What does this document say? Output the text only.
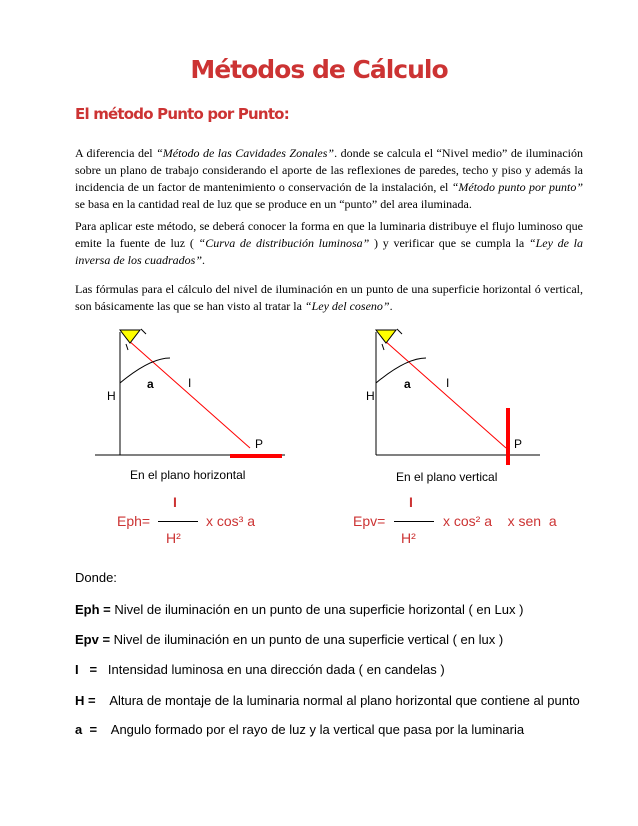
Métodos de Cálculo
El método Punto por Punto:

A diferencia del “Método de las Cavidades Zonales”. donde se calcula el “Nivel medio” de iluminación sobre un plano de trabajo considerando el aporte de las reflexiones de paredes, techo y piso y además la incidencia de un factor de mantenimiento o conservación de la instalación, el “Método punto por punto” se basa en la cantidad real de luz que se produce en un “punto” del area iluminada.

Para aplicar este método, se deberá conocer la forma en que la luminaria distribuye el flujo luminoso que emite la fuente de luz ( “Curva de distribución luminosa” ) y verificar que se cumpla la “Ley de la inversa de los cuadrados”.

Las fórmulas para el cálculo del nivel de iluminación en un punto de una superficie horizontal ó vertical, son básicamente las que se han visto al tratar la “Ley del coseno”.

H
a	I
P
En el plano horizontal
H
a	I
P
En el plano vertical
I
Eph=	x cos³ a
H²
I
Epv=	x cos² a    x sen  a
H²
Donde:
Eph = Nivel de iluminación en un punto de una superficie horizontal ( en Lux )
Epv = Nivel de iluminación en un punto de una superficie vertical ( en lux )
I   =   Intensidad luminosa en una dirección dada ( en candelas )
H =    Altura de montaje de la luminaria normal al plano horizontal que contiene al punto
a  =    Angulo formado por el rayo de luz y la vertical que pasa por la luminaria
